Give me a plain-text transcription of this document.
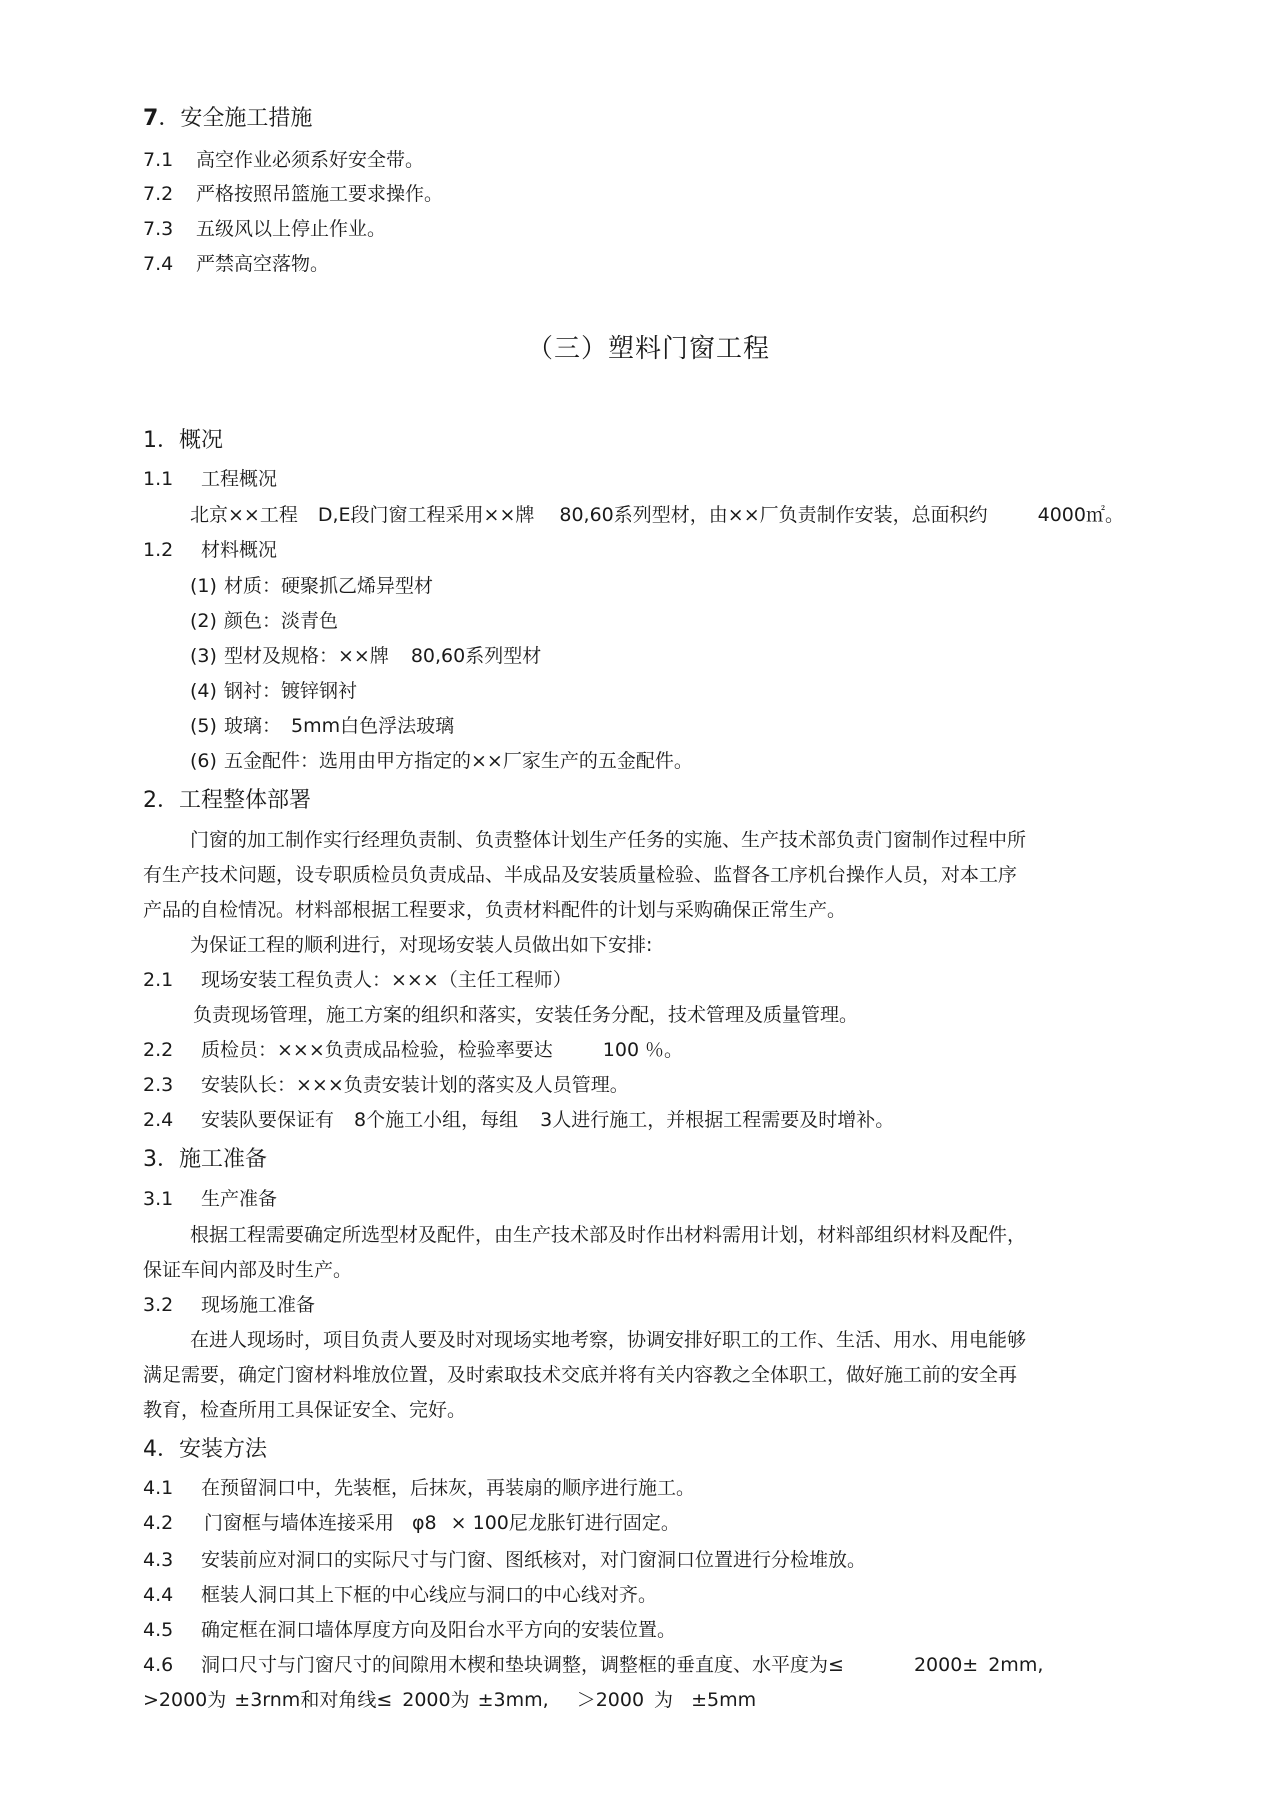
7．安全施工措施
7.1 高空作业必须系好安全带。
7.2 严格按照吊篮施工要求操作。
7.3 五级风以上停止作业。
7.4 严禁高空落物。
（三）塑料门窗工程
1．概况
1.1 工程概况
北京××工程 D,E段门窗工程采用××牌 80,60系列型材，由××厂负责制作安装，总面积约	4000㎡。
1.2 材料概况
(1) 材质：硬聚抓乙烯异型材
(2) 颜色：淡青色
(3) 型材及规格：××牌 80,60系列型材
(4) 钢衬：镀锌钢衬
(5) 玻璃： 5mm白色浮法玻璃
(6) 五金配件：选用由甲方指定的××厂家生产的五金配件。
2．工程整体部署
门窗的加工制作实行经理负责制、负责整体计划生产任务的实施、生产技术部负责门窗制作过程中所
有生产技术问题，设专职质检员负责成品、半成品及安装质量检验、监督各工序机台操作人员，对本工序
产品的自检情况。材料部根据工程要求，负责材料配件的计划与采购确保正常生产。
为保证工程的顺利进行，对现场安装人员做出如下安排:
2.1 现场安装工程负责人：×××（主任工程师）
负责现场管理，施工方案的组织和落实，安装任务分配，技术管理及质量管理。
2.2 质检员：×××负责成品检验，检验率要达	100 ％。
2.3 安装队长：×××负责安装计划的落实及人员管理。
2.4 安装队要保证有 8个施工小组，每组 3人进行施工，并根据工程需要及时增补。
3．施工准备
3.1 生产准备
根据工程需要确定所选型材及配件，由生产技术部及时作出材料需用计划，材料部组织材料及配件，
保证车间内部及时生产。
3.2 现场施工准备
在进人现场时，项目负责人要及时对现场实地考察，协调安排好职工的工作、生活、用水、用电能够
满足需要，确定门窗材料堆放位置，及时索取技术交底并将有关内容教之全体职工，做好施工前的安全再
教育，检查所用工具保证安全、完好。
4．安装方法
4.1 在预留洞口中，先装框，后抹灰，再装扇的顺序进行施工。
4.2 门窗框与墙体连接采用 φ8 × 100尼龙胀钉进行固定。
4.3 安装前应对洞口的实际尺寸与门窗、图纸核对，对门窗洞口位置进行分检堆放。
4.4 框装人洞口其上下框的中心线应与洞口的中心线对齐。
4.5 确定框在洞口墙体厚度方向及阳台水平方向的安装位置。
4.6 洞口尺寸与门窗尺寸的间隙用木楔和垫块调整，调整框的垂直度、水平度为≤	2000± 2mm,
>2000为 ±3rnm和对角线≤ 2000为 ±3mm, ＞2000 为 ±5mm
